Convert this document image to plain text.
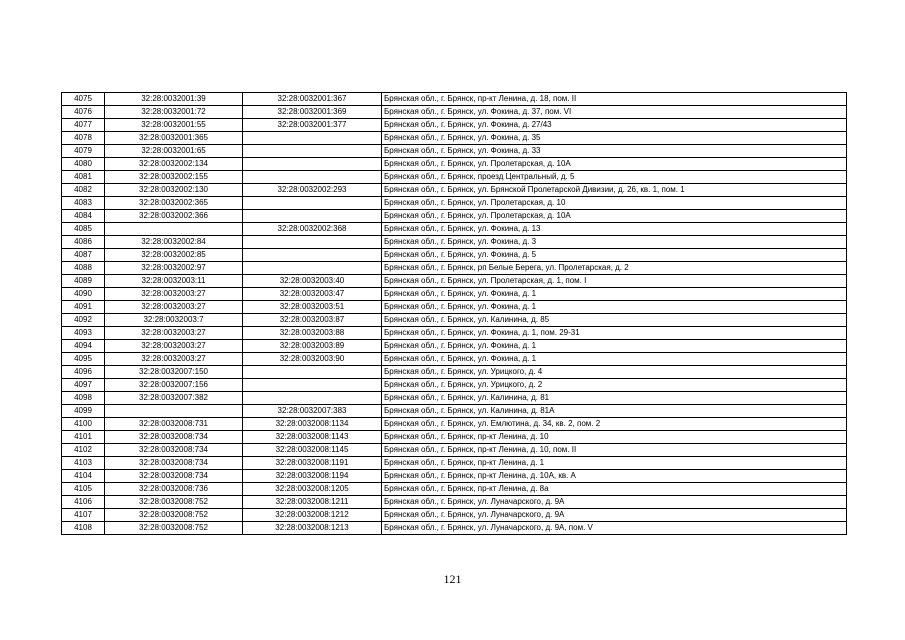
4075	32:28:0032001:39	32:28:0032001:367	Брянская обл., г. Брянск, пр-кт Ленина, д. 18, пом. II
4076	32:28:0032001:72	32:28:0032001:369	Брянская обл., г. Брянск, ул. Фокина, д. 37, пом. VI
4077	32:28:0032001:55	32:28:0032001:377	Брянская обл., г. Брянск, ул. Фокина, д. 27/43
4078	32:28:0032001:365		Брянская обл., г. Брянск, ул. Фокина, д. 35
4079	32:28:0032001:65		Брянская обл., г. Брянск, ул. Фокина, д. 33
4080	32:28:0032002:134		Брянская обл., г. Брянск, ул. Пролетарская, д. 10А
4081	32:28:0032002:155		Брянская обл., г. Брянск, проезд Центральный, д. 5
4082	32:28:0032002:130	32:28:0032002:293	Брянская обл., г. Брянск, ул. Брянской Пролетарской Дивизии, д. 26, кв. 1, пом. 1
4083	32:28:0032002:365		Брянская обл., г. Брянск, ул. Пролетарская, д. 10
4084	32:28:0032002:366		Брянская обл., г. Брянск, ул. Пролетарская, д. 10А
4085		32:28:0032002:368	Брянская обл., г. Брянск, ул. Фокина, д. 13
4086	32:28:0032002:84		Брянская обл., г. Брянск, ул. Фокина, д. 3
4087	32:28:0032002:85		Брянская обл., г. Брянск, ул. Фокина, д. 5
4088	32:28:0032002:97		Брянская обл., г. Брянск, рп Белые Берега, ул. Пролетарская, д. 2
4089	32:28:0032003:11	32:28:0032003:40	Брянская обл., г. Брянск, ул. Пролетарская, д. 1, пом. I
4090	32:28:0032003:27	32:28:0032003:47	Брянская обл., г. Брянск, ул. Фокина, д. 1
4091	32:28:0032003:27	32:28:0032003:51	Брянская обл., г. Брянск, ул. Фокина, д. 1
4092	32:28:0032003:7	32:28:0032003:87	Брянская обл., г. Брянск, ул. Калинина, д. 85
4093	32:28:0032003:27	32:28:0032003:88	Брянская обл., г. Брянск, ул. Фокина, д. 1, пом. 29-31
4094	32:28:0032003:27	32:28:0032003:89	Брянская обл., г. Брянск, ул. Фокина, д. 1
4095	32:28:0032003:27	32:28:0032003:90	Брянская обл., г. Брянск, ул. Фокина, д. 1
4096	32:28:0032007:150		Брянская обл., г. Брянск, ул. Урицкого, д. 4
4097	32:28:0032007:156		Брянская обл., г. Брянск, ул. Урицкого, д. 2
4098	32:28:0032007:382		Брянская обл., г. Брянск, ул. Калинина, д. 81
4099		32:28:0032007:383	Брянская обл., г. Брянск, ул. Калинина, д. 81А
4100	32:28:0032008:731	32:28:0032008:1134	Брянская обл., г. Брянск, ул. Емлютина, д. 34, кв. 2, пом. 2
4101	32:28:0032008:734	32:28:0032008:1143	Брянская обл., г. Брянск, пр-кт Ленина, д. 10
4102	32:28:0032008:734	32:28:0032008:1145	Брянская обл., г. Брянск, пр-кт Ленина, д. 10, пом. II
4103	32:28:0032008:734	32:28:0032008:1191	Брянская обл., г. Брянск, пр-кт Ленина, д. 1
4104	32:28:0032008:734	32:28:0032008:1194	Брянская обл., г. Брянск, пр-кт Ленина, д. 10А, кв. А
4105	32:28:0032008:736	32:28:0032008:1205	Брянская обл., г. Брянск, пр-кт Ленина, д. 8а
4106	32:28:0032008:752	32:28:0032008:1211	Брянская обл., г. Брянск, ул. Луначарского, д. 9А
4107	32:28:0032008:752	32:28:0032008:1212	Брянская обл., г. Брянск, ул. Луначарского, д. 9А
4108	32:28:0032008:752	32:28:0032008:1213	Брянская обл., г. Брянск, ул. Луначарского, д. 9А, пом. V
121
